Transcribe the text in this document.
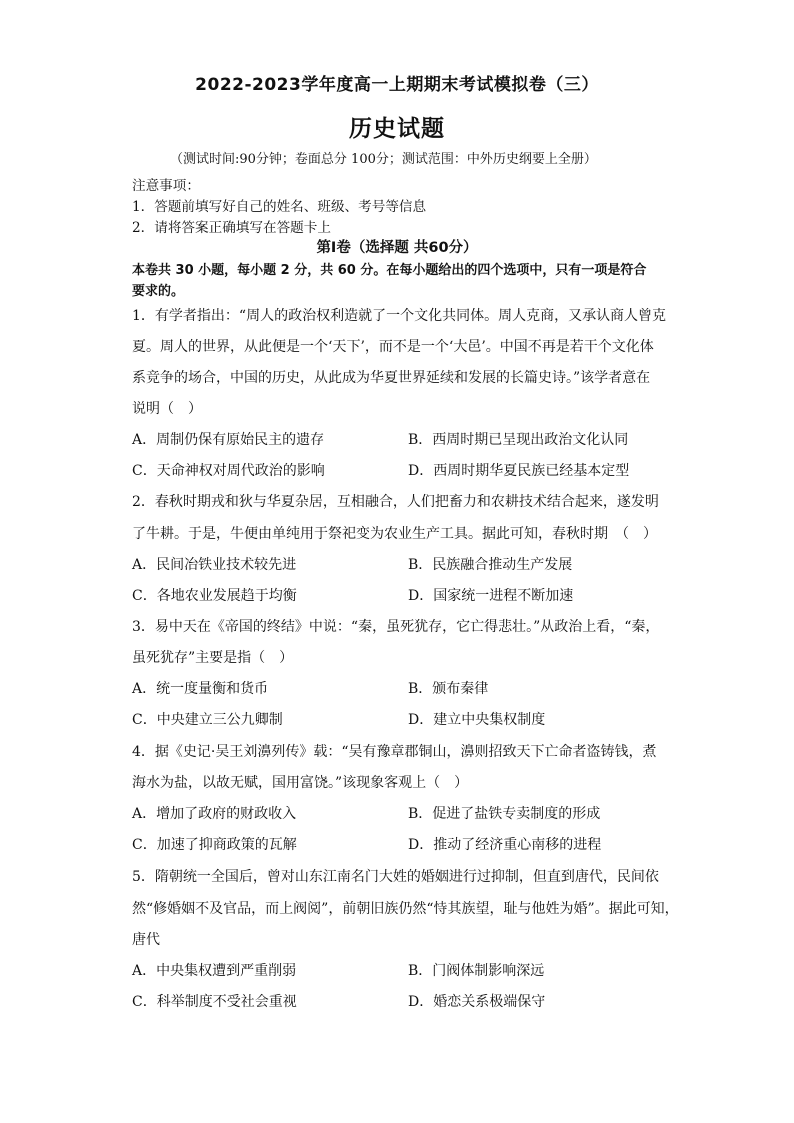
2022-2023学年度高一上期期末考试模拟卷（三）
历史试题
（测试时间:90分钟；卷面总分 100分；测试范围：中外历史纲要上全册）
注意事项：
1．答题前填写好自己的姓名、班级、考号等信息
2．请将答案正确填写在答题卡上
第I卷（选择题 共60分）
本卷共 30 小题，每小题 2 分，共 60 分。在每小题给出的四个选项中，只有一项是符合
要求的。
1．有学者指出：“周人的政治权利造就了一个文化共同体。周人克商，又承认商人曾克
夏。周人的世界，从此便是一个‘天下’，而不是一个‘大邑’。中国不再是若干个文化体
系竞争的场合，中国的历史，从此成为华夏世界延续和发展的长篇史诗。”该学者意在
说明（　）
A．周制仍保有原始民主的遗存	B．西周时期已呈现出政治文化认同
C．天命神权对周代政治的影响	D．西周时期华夏民族已经基本定型
2．春秋时期戎和狄与华夏杂居，互相融合，人们把畜力和农耕技术结合起来，遂发明
了牛耕。于是，牛便由单纯用于祭祀变为农业生产工具。据此可知，春秋时期　（　）
A．民间冶铁业技术较先进	B．民族融合推动生产发展
C．各地农业发展趋于均衡	D．国家统一进程不断加速
3．易中天在《帝国的终结》中说：“秦，虽死犹存，它亡得悲壮。”从政治上看，“秦，
虽死犹存”主要是指（　）
A．统一度量衡和货币	B．颁布秦律
C．中央建立三公九卿制	D．建立中央集权制度
4．据《史记·吴王刘濞列传》载：“吴有豫章郡铜山，濞则招致天下亡命者盗铸钱，煮
海水为盐，以故无赋，国用富饶。”该现象客观上（　）
A．增加了政府的财政收入	B．促进了盐铁专卖制度的形成
C．加速了抑商政策的瓦解	D．推动了经济重心南移的进程
5．隋朝统一全国后，曾对山东江南名门大姓的婚姻进行过抑制，但直到唐代，民间依
然“修婚姻不及官品，而上阀阅”，前朝旧族仍然“恃其族望，耻与他姓为婚”。据此可知，
唐代
A．中央集权遭到严重削弱	B．门阀体制影响深远
C．科举制度不受社会重视	D．婚恋关系极端保守
